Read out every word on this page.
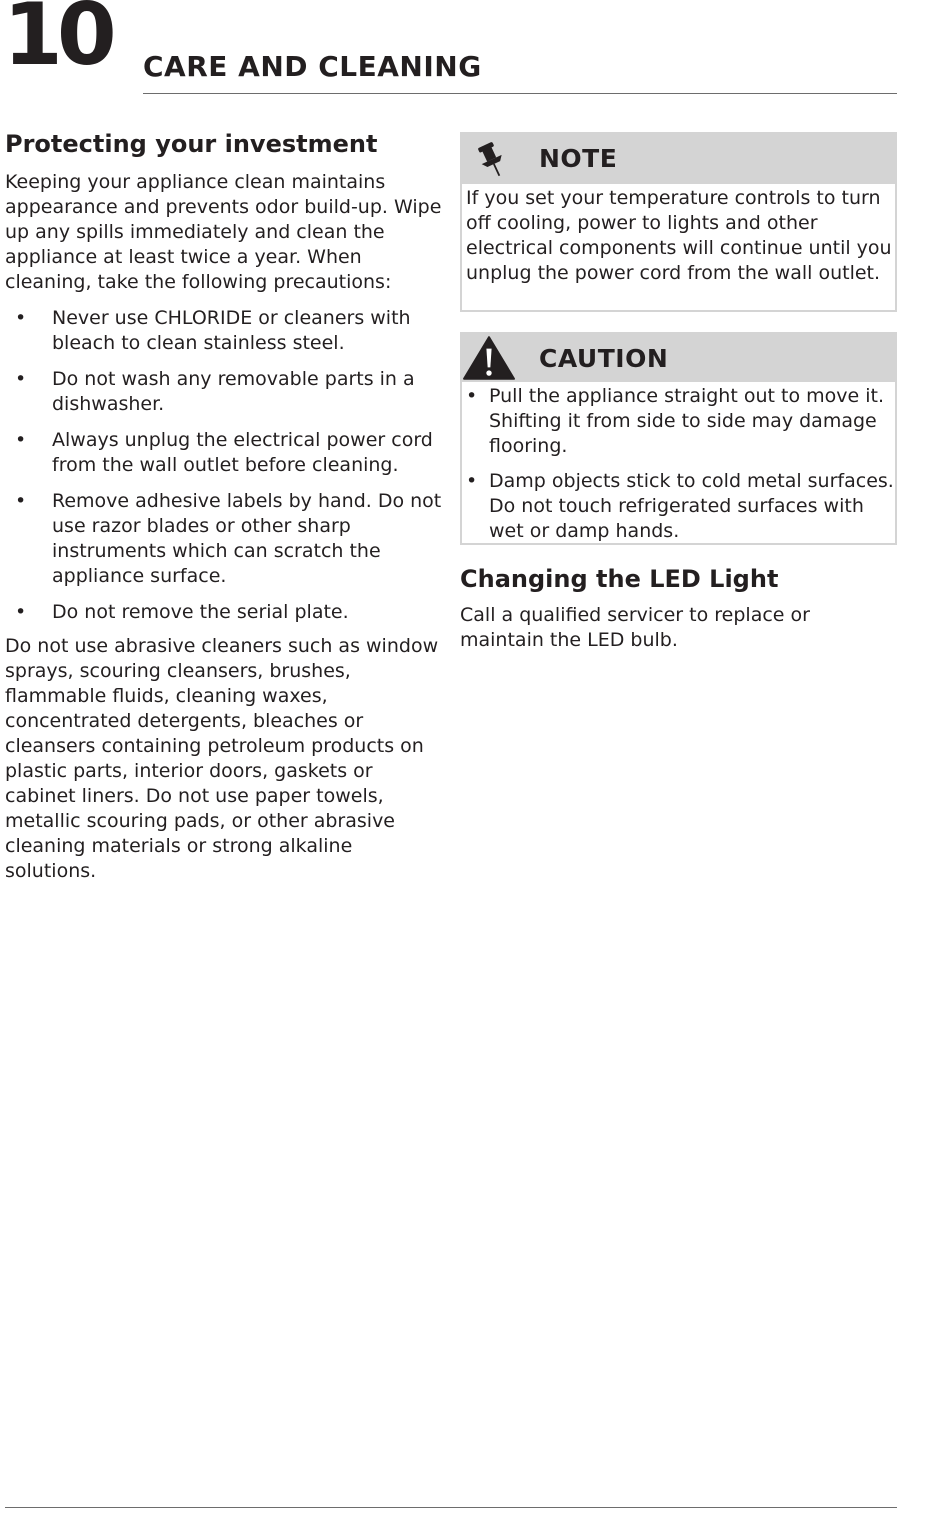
10 CARE AND CLEANING
Protecting your investment

Keeping your appliance clean maintains appearance and prevents odor build-up. Wipe up any spills immediately and clean the appliance at least twice a year. When cleaning, take the following precautions:

• Never use CHLORIDE or cleaners with bleach to clean stainless steel.
• Do not wash any removable parts in a dishwasher.
• Always unplug the electrical power cord from the wall outlet before cleaning.
• Remove adhesive labels by hand. Do not use razor blades or other sharp instruments which can scratch the appliance surface.
• Do not remove the serial plate.

Do not use abrasive cleaners such as window sprays, scouring cleansers, brushes, flammable fluids, cleaning waxes, concentrated detergents, bleaches or cleansers containing petroleum products on plastic parts, interior doors, gaskets or cabinet liners. Do not use paper towels, metallic scouring pads, or other abrasive cleaning materials or strong alkaline solutions.

NOTE

If you set your temperature controls to turn off cooling, power to lights and other electrical components will continue until you unplug the power cord from the wall outlet.

CAUTION
• Pull the appliance straight out to move it. Shifting it from side to side may damage flooring.
• Damp objects stick to cold metal surfaces. Do not touch refrigerated surfaces with wet or damp hands.
Changing the LED Light

Call a qualified servicer to replace or maintain the LED bulb.
